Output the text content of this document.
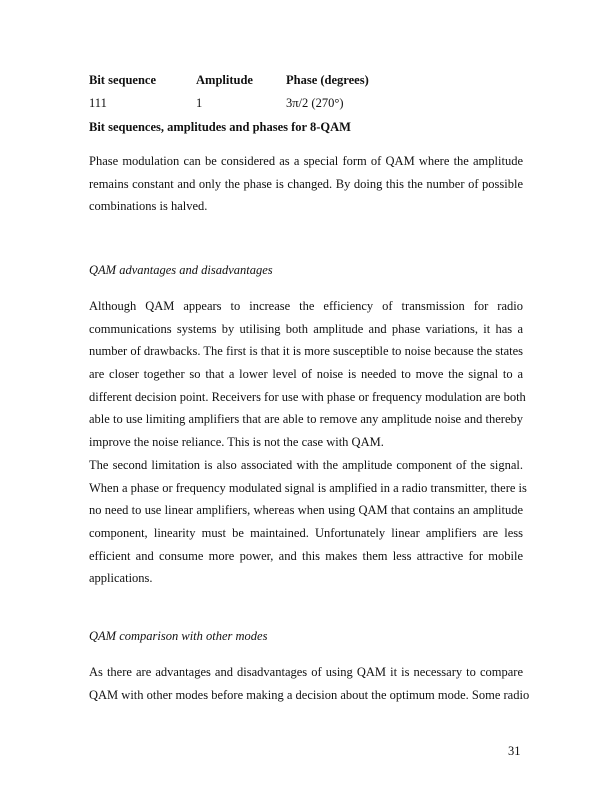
Bit sequence	Amplitude	Phase (degrees)
111	1	3π/2 (270°)
Bit sequences, amplitudes and phases for 8-QAM
Phase modulation can be considered as a special form of QAM where the amplitude
remains constant and only the phase is changed. By doing this the number of possible
combinations is halved.
QAM advantages and disadvantages
Although QAM appears to increase the efficiency of transmission for radio
communications systems by utilising both amplitude and phase variations, it has a
number of drawbacks. The first is that it is more susceptible to noise because the states
are closer together so that a lower level of noise is needed to move the signal to a
different decision point. Receivers for use with phase or frequency modulation are both
able to use limiting amplifiers that are able to remove any amplitude noise and thereby
improve the noise reliance. This is not the case with QAM.
The second limitation is also associated with the amplitude component of the signal.
When a phase or frequency modulated signal is amplified in a radio transmitter, there is
no need to use linear amplifiers, whereas when using QAM that contains an amplitude
component, linearity must be maintained. Unfortunately linear amplifiers are less
efficient and consume more power, and this makes them less attractive for mobile
applications.
QAM comparison with other modes
As there are advantages and disadvantages of using QAM it is necessary to compare
QAM with other modes before making a decision about the optimum mode. Some radio
31
